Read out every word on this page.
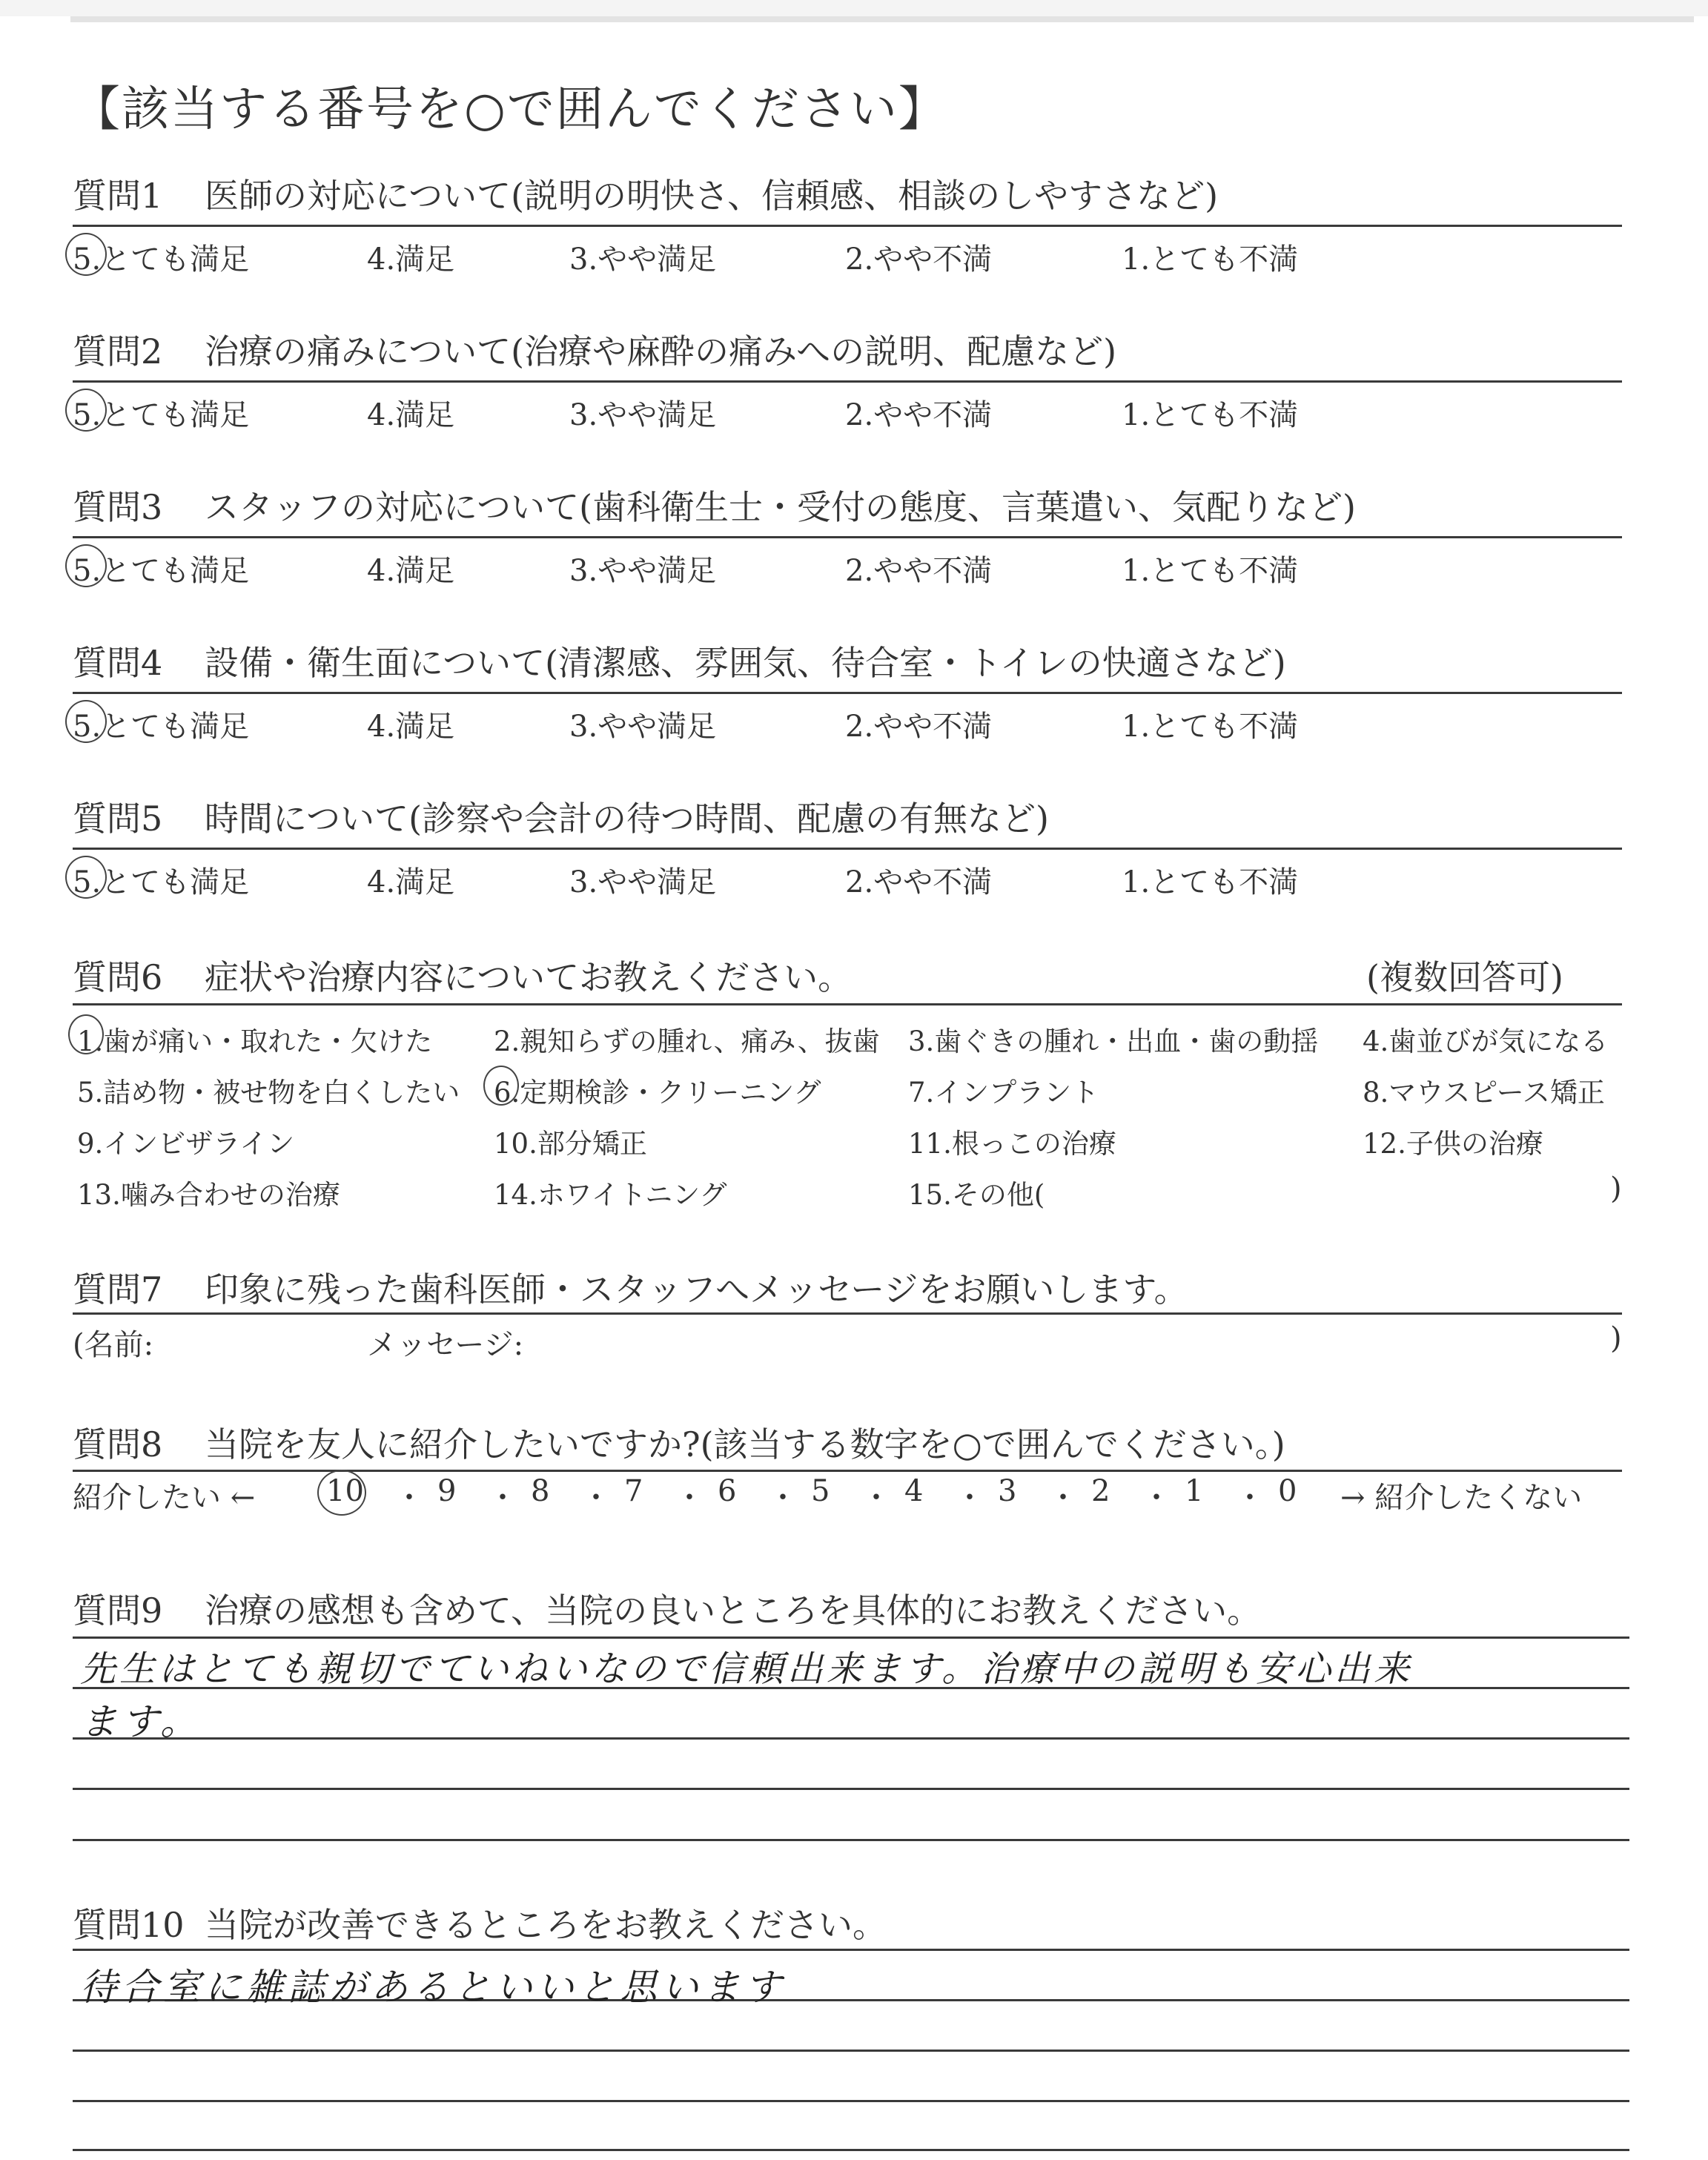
【該当する番号を○で囲んでください】
質問1 医師の対応について(説明の明快さ、信頼感、相談のしやすさなど)
5.とても満足	4.満足	3.やや満足	2.やや不満	1.とても不満
質問2 治療の痛みについて(治療や麻酔の痛みへの説明、配慮など)
5.とても満足	4.満足	3.やや満足	2.やや不満	1.とても不満
質問3 スタッフの対応について(歯科衛生士・受付の態度、言葉遣い、気配りなど)
5.とても満足	4.満足	3.やや満足	2.やや不満	1.とても不満
質問4 設備・衛生面について(清潔感、雰囲気、待合室・トイレの快適さなど)
5.とても満足	4.満足	3.やや満足	2.やや不満	1.とても不満
質問5 時間について(診察や会計の待つ時間、配慮の有無など)
5.とても満足	4.満足	3.やや満足	2.やや不満	1.とても不満
質問6 症状や治療内容についてお教えください。	(複数回答可)
1.歯が痛い・取れた・欠けた 2.親知らずの腫れ、痛み、抜歯 3.歯ぐきの腫れ・出血・歯の動揺 4.歯並びが気になる
5.詰め物・被せ物を白くしたい 6.定期検診・クリーニング	7.インプラント	8.マウスピース矯正
9.インビザライン	10.部分矯正	11.根っこの治療	12.子供の治療
13.噛み合わせの治療	14.ホワイトニング	15.その他(	)
質問7 印象に残った歯科医師・スタッフへメッセージをお願いします。
(名前:	メッセージ:	)
質問8 当院を友人に紹介したいですか?(該当する数字を○で囲んでください。)
紹介したい ← 10 ・ 9 ・ 8 ・ 7 ・ 6 ・ 5 ・ 4 ・ 3 ・ 2 ・ 1 ・ 0 → 紹介したくない
質問9 治療の感想も含めて、当院の良いところを具体的にお教えください。
先生はとても親切でていねいなので信頼出来ます。治療中の説明も安心出来
ます。
質問10 当院が改善できるところをお教えください。
待合室に雑誌があるといいと思います
